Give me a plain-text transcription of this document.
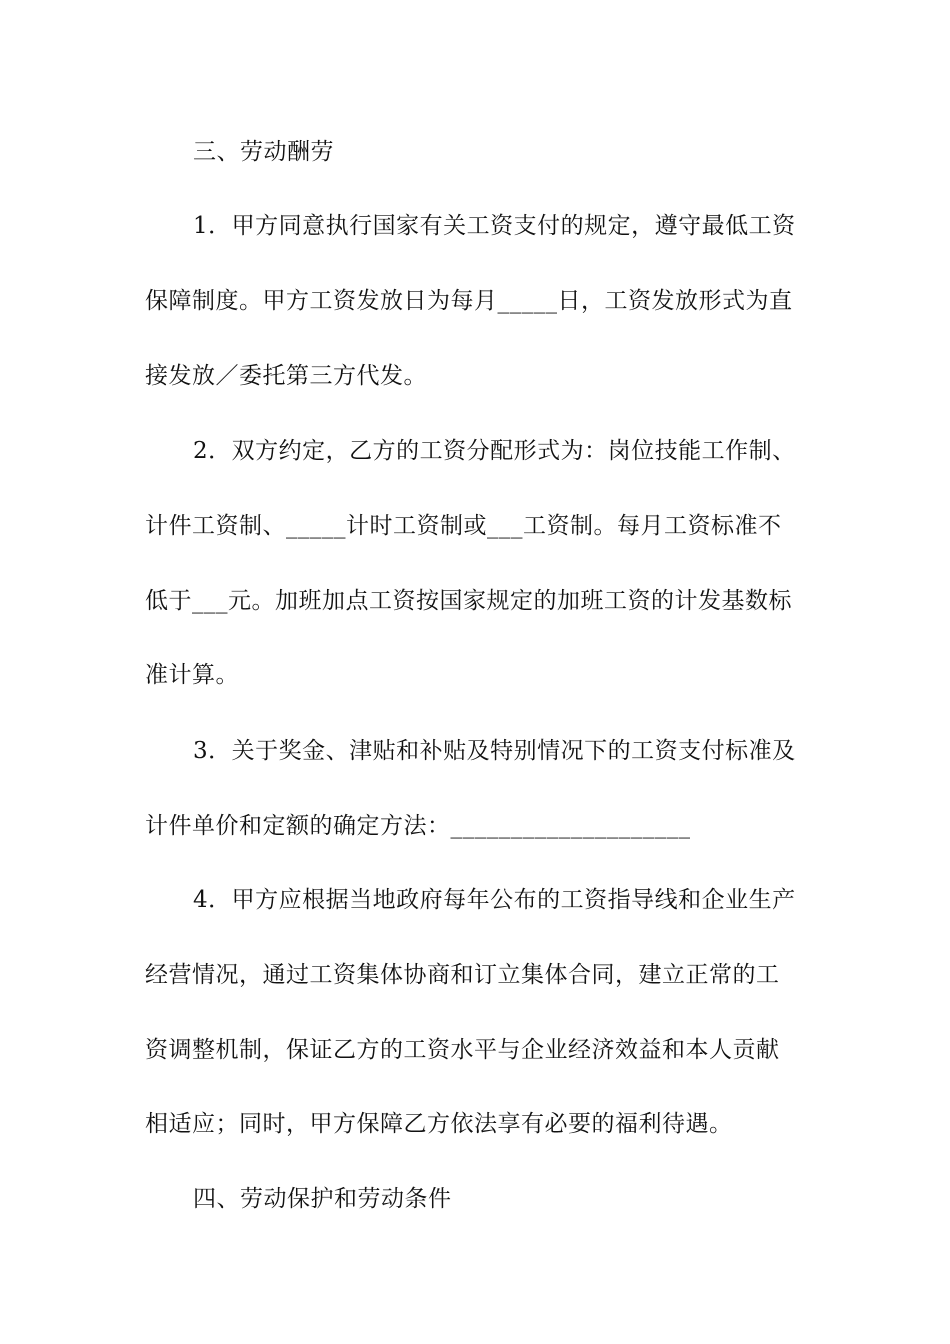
三、劳动酬劳
1．甲方同意执行国家有关工资支付的规定，遵守最低工资
保障制度。甲方工资发放日为每月_____日，工资发放形式为直
接发放／委托第三方代发。
2．双方约定，乙方的工资分配形式为：岗位技能工作制、
计件工资制、_____计时工资制或___工资制。每月工资标准不
低于___元。加班加点工资按国家规定的加班工资的计发基数标
准计算。
3．关于奖金、津贴和补贴及特别情况下的工资支付标准及
计件单价和定额的确定方法：____________________
4．甲方应根据当地政府每年公布的工资指导线和企业生产
经营情况，通过工资集体协商和订立集体合同，建立正常的工
资调整机制，保证乙方的工资水平与企业经济效益和本人贡献
相适应；同时，甲方保障乙方依法享有必要的福利待遇。
四、劳动保护和劳动条件
